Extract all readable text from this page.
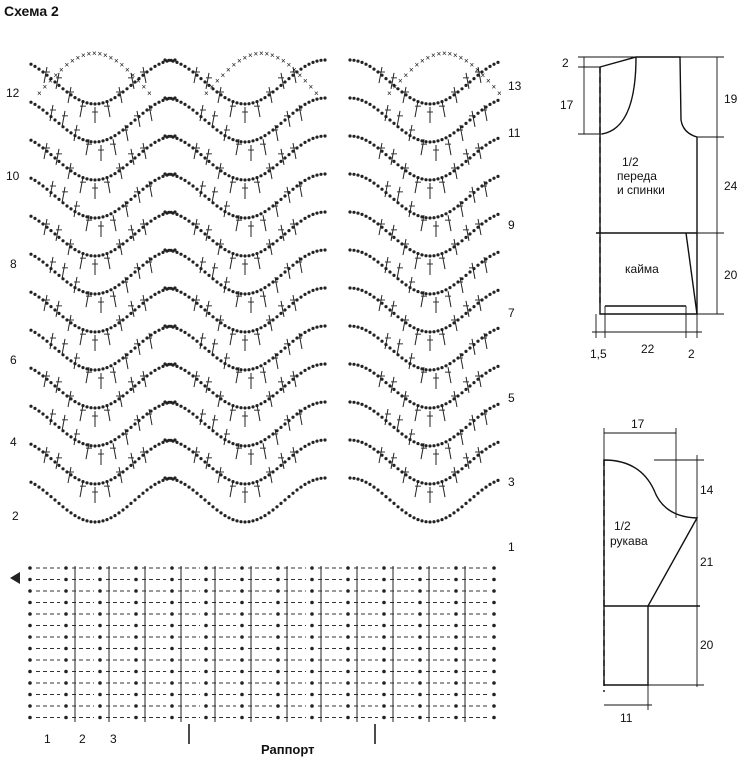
Схема 2
×
×
×
×
×
× × × × × × × × × × ×
×
×
×
×
×	×
×
×
×
×
× × × × × × × × × × ×
×
×
×
×
×	×
×
×
×
×
× × × × × × × × × × ×
×
×
×
×
×
12
10
8
6
4
2
13
11
9
7
5
3
1
1 2 3
Раппорт
1/2
переда
и спинки
кайма
2
17	19
24
20
1,5	22	2
1/2
рукава
17
14
21
20
11
